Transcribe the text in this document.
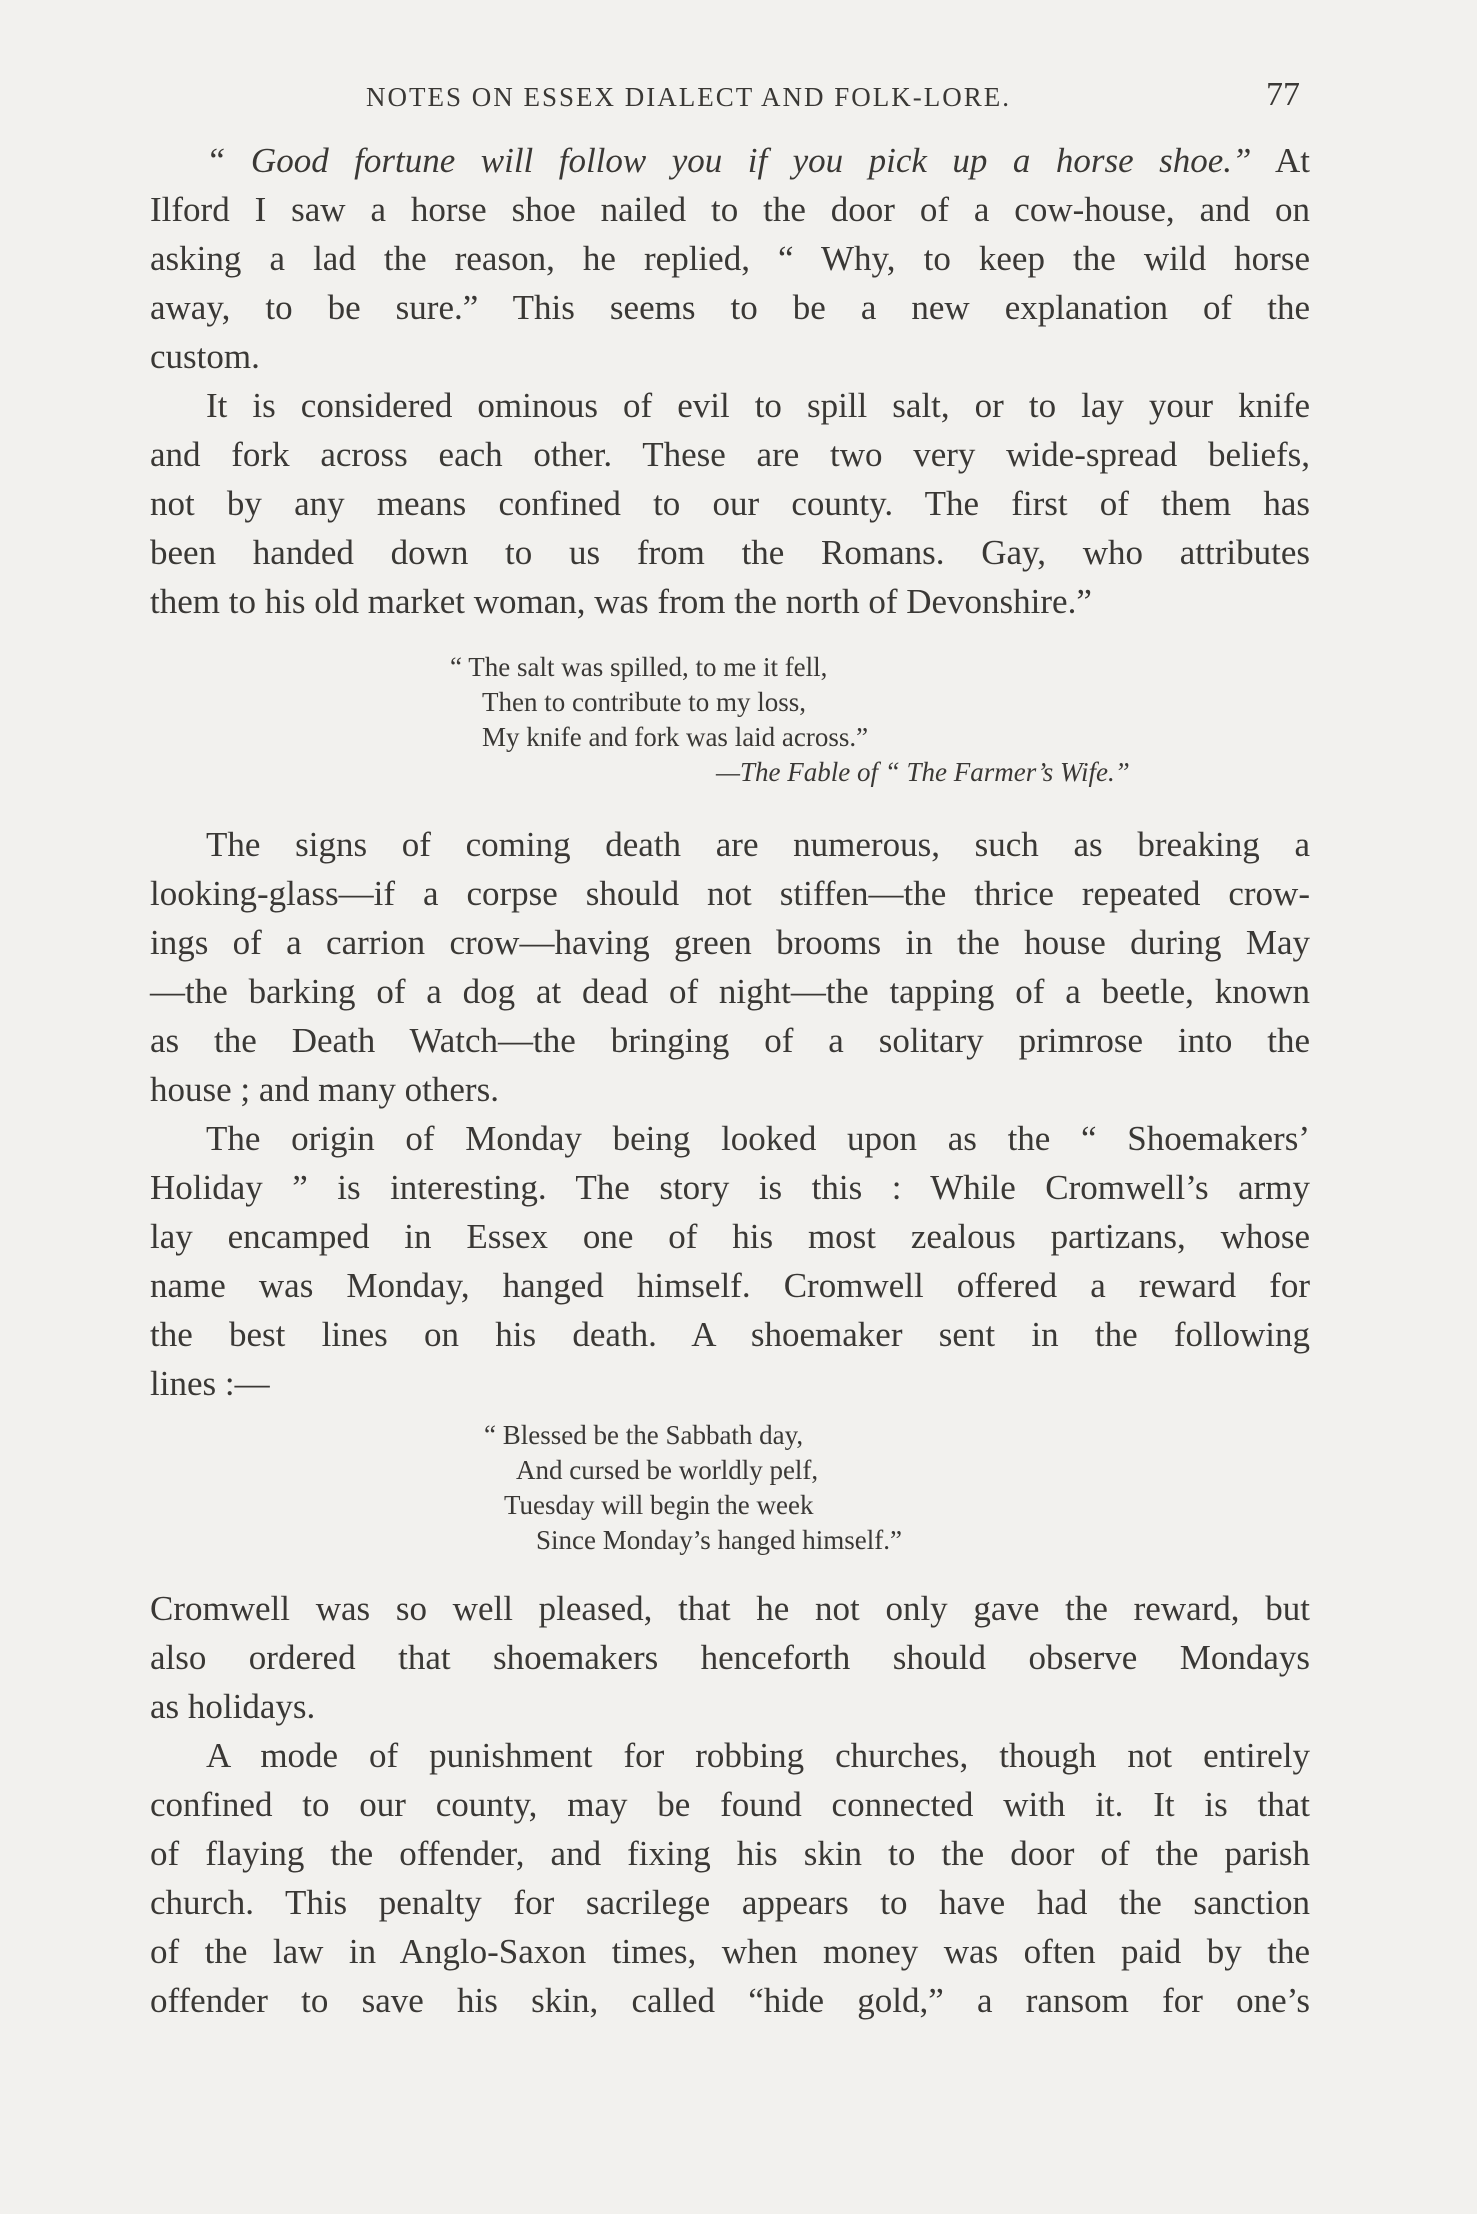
NOTES ON ESSEX DIALECT AND FOLK-LORE.	77

“ Good fortune will follow you if you pick up a horse shoe.” At
Ilford I saw a horse shoe nailed to the door of a cow-house, and on
asking a lad the reason, he replied, “ Why, to keep the wild horse
away, to be sure.” This seems to be a new explanation of the
custom.

It is considered ominous of evil to spill salt, or to lay your knife
and fork across each other. These are two very wide-spread beliefs,
not by any means confined to our county. The first of them has
been handed down to us from the Romans. Gay, who attributes
them to his old market woman, was from the north of Devonshire.”

“ The salt was spilled, to me it fell,
Then to contribute to my loss,
My knife and fork was laid across.”
—The Fable of “ The Farmer’s Wife.”

The signs of coming death are numerous, such as breaking a
looking-glass—if a corpse should not stiffen—the thrice repeated crow-
ings of a carrion crow—having green brooms in the house during May
—the barking of a dog at dead of night—the tapping of a beetle, known
as the Death Watch—the bringing of a solitary primrose into the
house ; and many others.

The origin of Monday being looked upon as the “ Shoemakers’
Holiday ” is interesting. The story is this : While Cromwell’s army
lay encamped in Essex one of his most zealous partizans, whose
name was Monday, hanged himself. Cromwell offered a reward for
the best lines on his death. A shoemaker sent in the following
lines :—

“ Blessed be the Sabbath day,
And cursed be worldly pelf,
Tuesday will begin the week
Since Monday’s hanged himself.”

Cromwell was so well pleased, that he not only gave the reward, but
also ordered that shoemakers henceforth should observe Mondays
as holidays.

A mode of punishment for robbing churches, though not entirely
confined to our county, may be found connected with it. It is that
of flaying the offender, and fixing his skin to the door of the parish
church. This penalty for sacrilege appears to have had the sanction
of the law in Anglo-Saxon times, when money was often paid by the
offender to save his skin, called “hide gold,” a ransom for one’s
